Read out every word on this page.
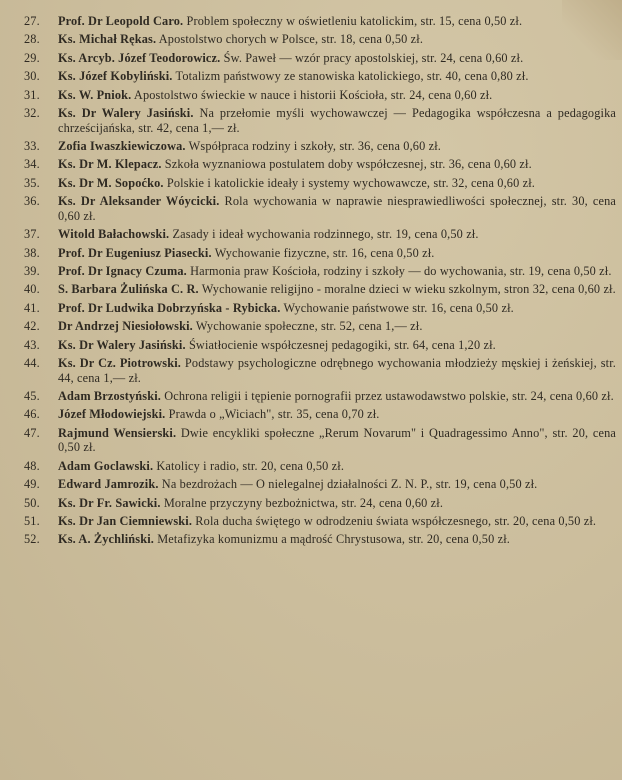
27.	Prof. Dr Leopold Caro. Problem społeczny w oświetleniu katolickim, str. 15, cena 0,50 zł.
28.	Ks. Michał Rękas. Apostolstwo chorych w Polsce, str. 18, cena 0,50 zł.
29.	Ks. Arcyb. Józef Teodorowicz. Św. Paweł — wzór pracy apostolskiej, str. 24, cena 0,60 zł.
30.	Ks. Józef Kobyliński. Totalizm państwowy ze stanowiska katolickiego, str. 40, cena 0,80 zł.
31.	Ks. W. Pniok. Apostolstwo świeckie w nauce i historii Kościoła, str. 24, cena 0,60 zł.
32.	Ks. Dr Walery Jasiński. Na przełomie myśli wychowawczej — Pedagogika współczesna a pedagogika chrześcijańska, str. 42, cena 1,— zł.
33.	Zofia Iwaszkiewiczowa. Współpraca rodziny i szkoły, str. 36, cena 0,60 zł.
34.	Ks. Dr M. Klepacz. Szkoła wyznaniowa postulatem doby współczesnej, str. 36, cena 0,60 zł.
35.	Ks. Dr M. Sopoćko. Polskie i katolickie ideały i systemy wychowawcze, str. 32, cena 0,60 zł.
36.	Ks. Dr Aleksander Wóycicki. Rola wychowania w naprawie niesprawiedliwości społecznej, str. 30, cena 0,60 zł.
37.	Witold Bałachowski. Zasady i ideał wychowania rodzinnego, str. 19, cena 0,50 zł.
38.	Prof. Dr Eugeniusz Piasecki. Wychowanie fizyczne, str. 16, cena 0,50 zł.
39.	Prof. Dr Ignacy Czuma. Harmonia praw Kościoła, rodziny i szkoły — do wychowania, str. 19, cena 0,50 zł.
40.	S. Barbara Żulińska C. R. Wychowanie religijno - moralne dzieci w wieku szkolnym, stron 32, cena 0,60 zł.
41.	Prof. Dr Ludwika Dobrzyńska - Rybicka. Wychowanie państwowe str. 16, cena 0,50 zł.
42.	Dr Andrzej Niesiołowski. Wychowanie społeczne, str. 52, cena 1,— zł.
43.	Ks. Dr Walery Jasiński. Światłocienie współczesnej pedagogiki, str. 64, cena 1,20 zł.
44.	Ks. Dr Cz. Piotrowski. Podstawy psychologiczne odrębnego wychowania młodzieży męskiej i żeńskiej, str. 44, cena 1,— zł.
45.	Adam Brzostyński. Ochrona religii i tępienie pornografii przez ustawodawstwo polskie, str. 24, cena 0,60 zł.
46.	Józef Młodowiejski. Prawda o „Wiciach", str. 35, cena 0,70 zł.
47.	Rajmund Wensierski. Dwie encykliki społeczne „Rerum Novarum" i Quadragessimo Anno", str. 20, cena 0,50 zł.
48.	Adam Goclawski. Katolicy i radio, str. 20, cena 0,50 zł.
49.	Edward Jamrozik. Na bezdrożach — O nielegalnej działalności Z. N. P., str. 19, cena 0,50 zł.
50.	Ks. Dr Fr. Sawicki. Moralne przyczyny bezbożnictwa, str. 24, cena 0,60 zł.
51.	Ks. Dr Jan Ciemniewski. Rola ducha świętego w odrodzeniu świata współczesnego, str. 20, cena 0,50 zł.
52.	Ks. A. Żychliński. Metafizyka komunizmu a mądrość Chrystusowa, str. 20, cena 0,50 zł.
